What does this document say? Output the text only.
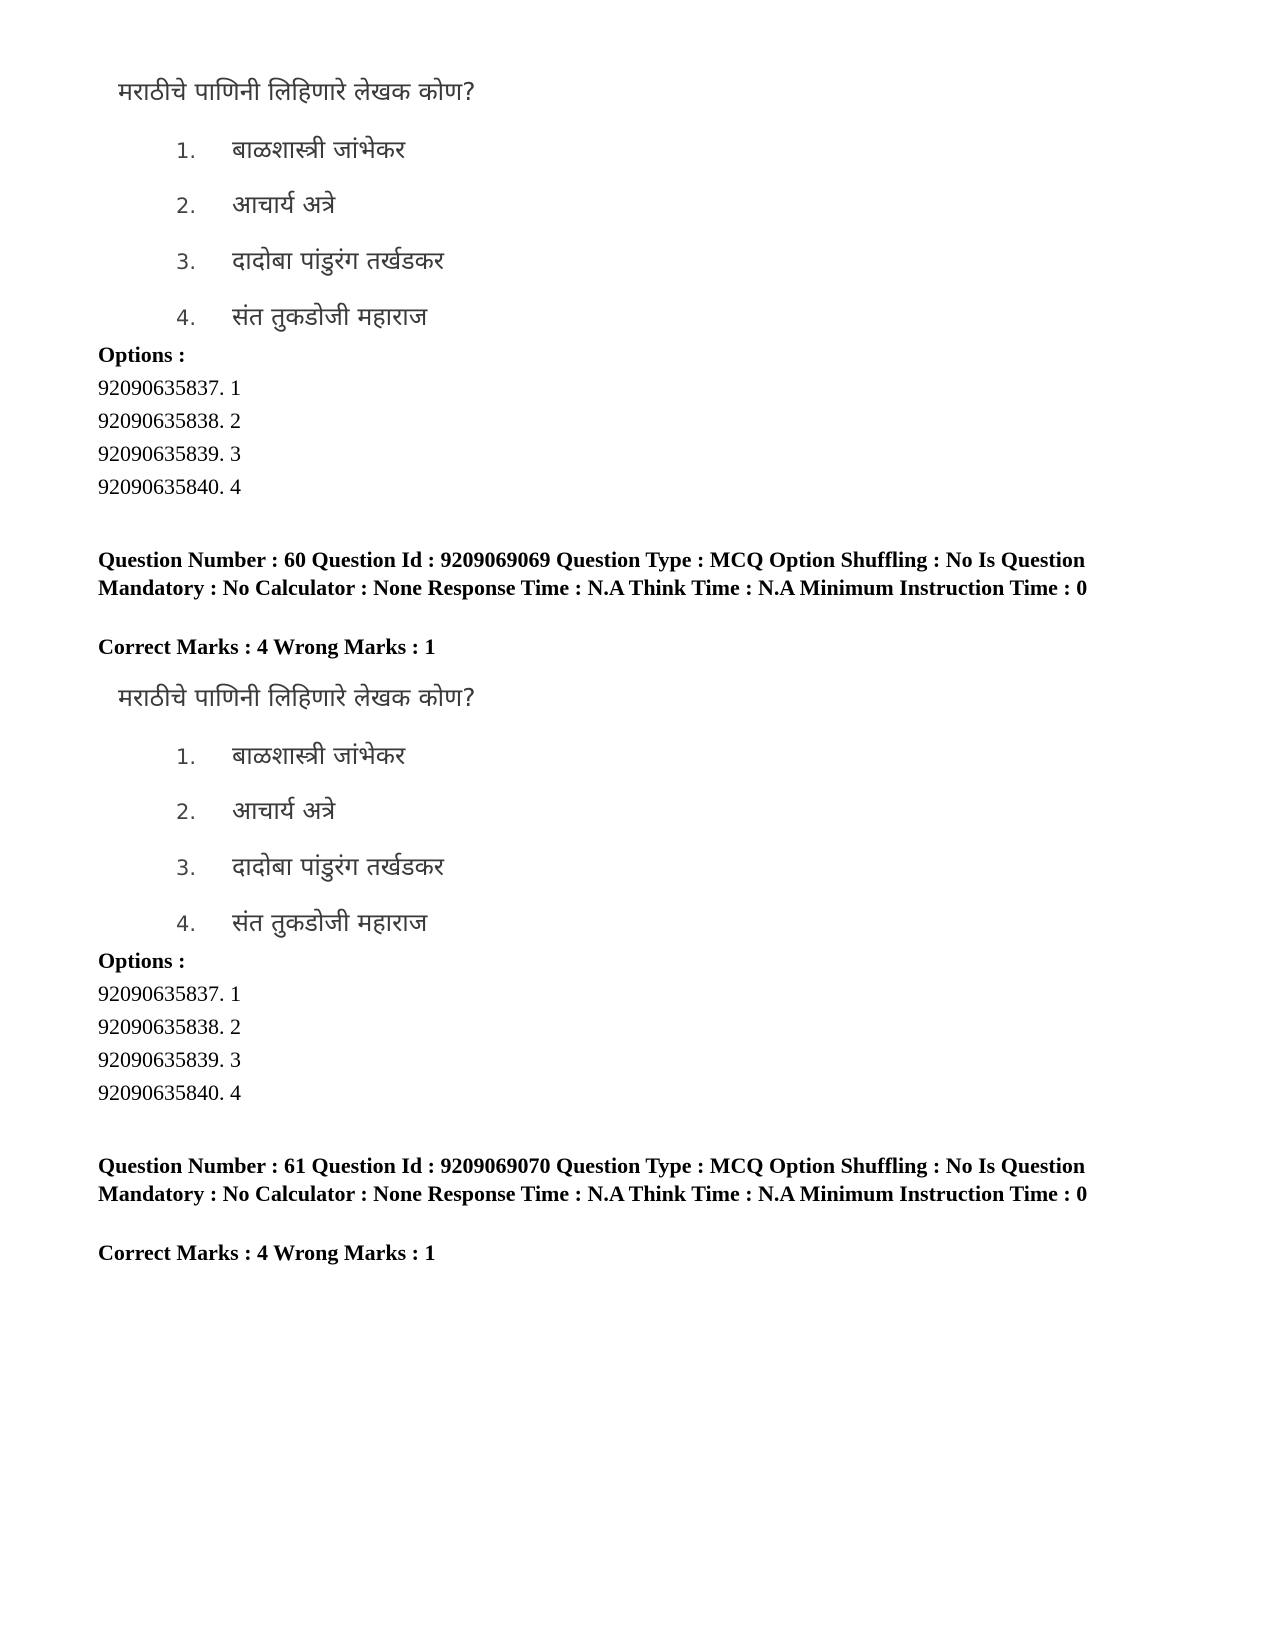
मराठीचे पाणिनी लिहिणारे लेखक कोण?
1. बाळशास्त्री जांभेकर
2. आचार्य अत्रे
3. दादोबा पांडुरंग तर्खडकर
4. संत तुकडोजी महाराज
Options :
92090635837. 1
92090635838. 2
92090635839. 3
92090635840. 4
Question Number : 60 Question Id : 9209069069 Question Type : MCQ Option Shuffling : No Is Question Mandatory : No Calculator : None Response Time : N.A Think Time : N.A Minimum Instruction Time : 0
Correct Marks : 4 Wrong Marks : 1
मराठीचे पाणिनी लिहिणारे लेखक कोण?
1. बाळशास्त्री जांभेकर
2. आचार्य अत्रे
3. दादोबा पांडुरंग तर्खडकर
4. संत तुकडोजी महाराज
Options :
92090635837. 1
92090635838. 2
92090635839. 3
92090635840. 4
Question Number : 61 Question Id : 9209069070 Question Type : MCQ Option Shuffling : No Is Question Mandatory : No Calculator : None Response Time : N.A Think Time : N.A Minimum Instruction Time : 0
Correct Marks : 4 Wrong Marks : 1
